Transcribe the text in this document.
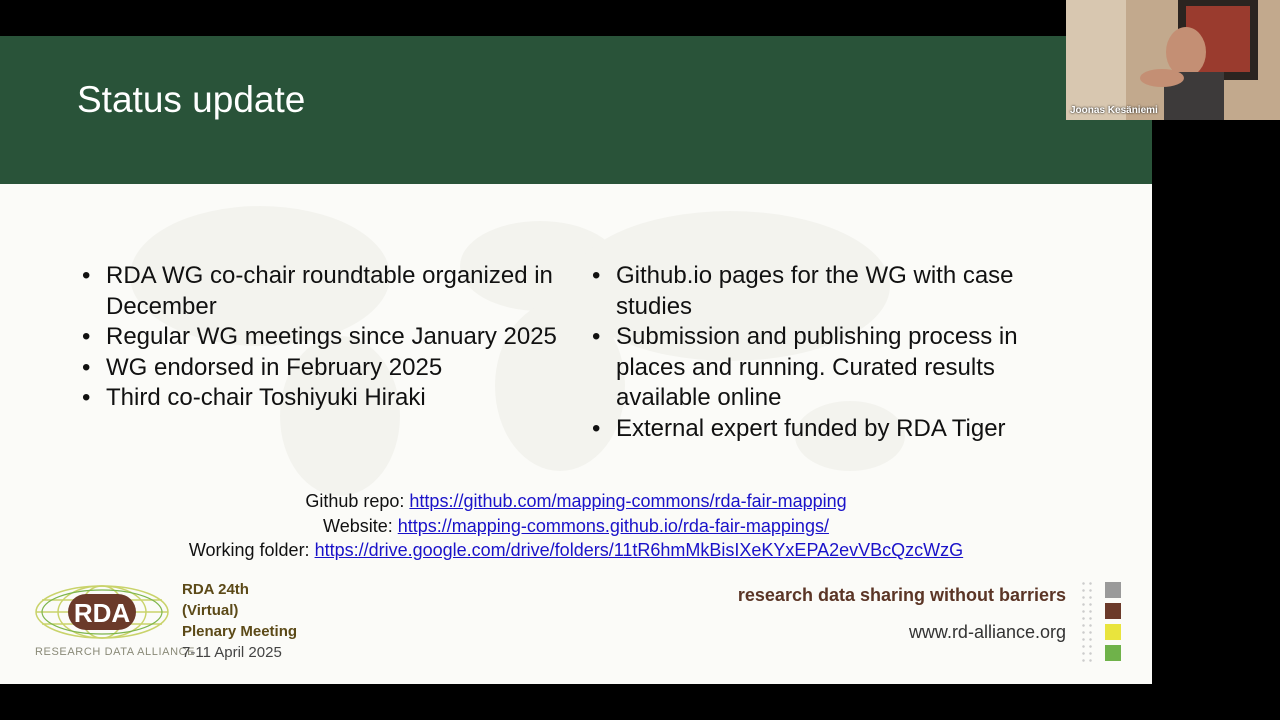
Status update
• RDA WG co-chair roundtable organized in December
• Regular WG meetings since January 2025
• WG endorsed in February 2025
• Third co-chair Toshiyuki Hiraki
• Github.io pages for the WG with case studies
• Submission and publishing process in places and running. Curated results available online
• External expert funded by RDA Tiger
Github repo: https://github.com/mapping-commons/rda-fair-mapping
Website: https://mapping-commons.github.io/rda-fair-mappings/
Working folder: https://drive.google.com/drive/folders/11tR6hmMkBisIXeKYxEPA2evVBcQzcWzG
RDA
RESEARCH DATA ALLIANCE
RDA 24th
(Virtual)
Plenary Meeting
7-11 April 2025
research data sharing without barriers
www.rd-alliance.org
Joonas Kesäniemi
